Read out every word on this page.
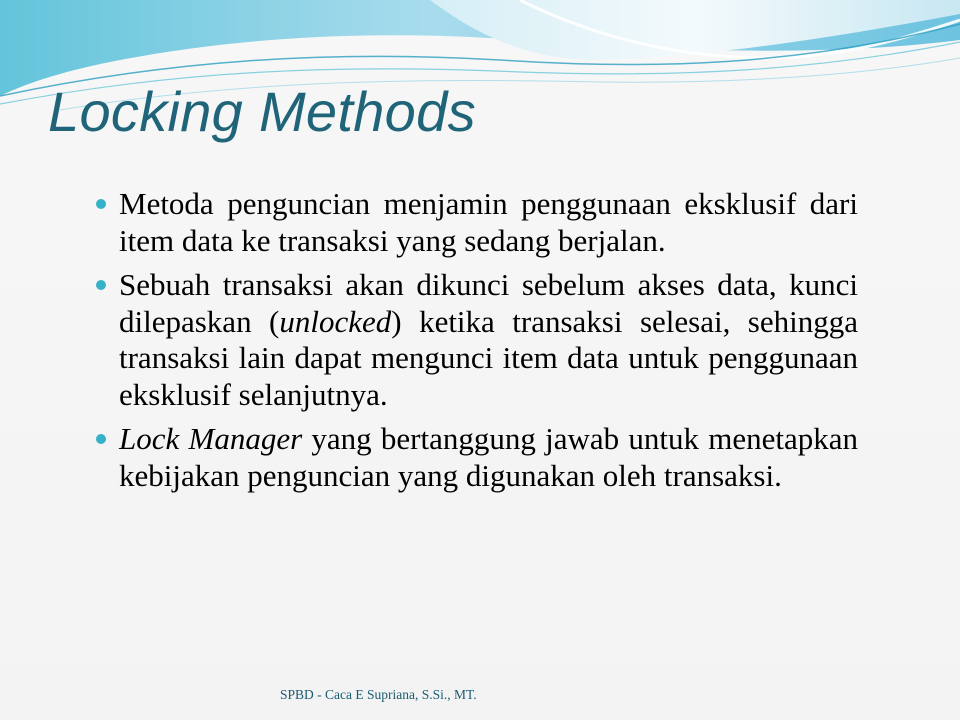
Locking Methods
Metoda penguncian menjamin penggunaan eksklusif dari item data ke transaksi yang sedang berjalan.
Sebuah transaksi akan dikunci sebelum akses data, kunci dilepaskan (unlocked) ketika transaksi selesai, sehingga transaksi lain dapat mengunci item data untuk penggunaan eksklusif selanjutnya.
Lock Manager yang bertanggung jawab untuk menetapkan kebijakan penguncian yang digunakan oleh transaksi.
SPBD - Caca E Supriana, S.Si., MT.
